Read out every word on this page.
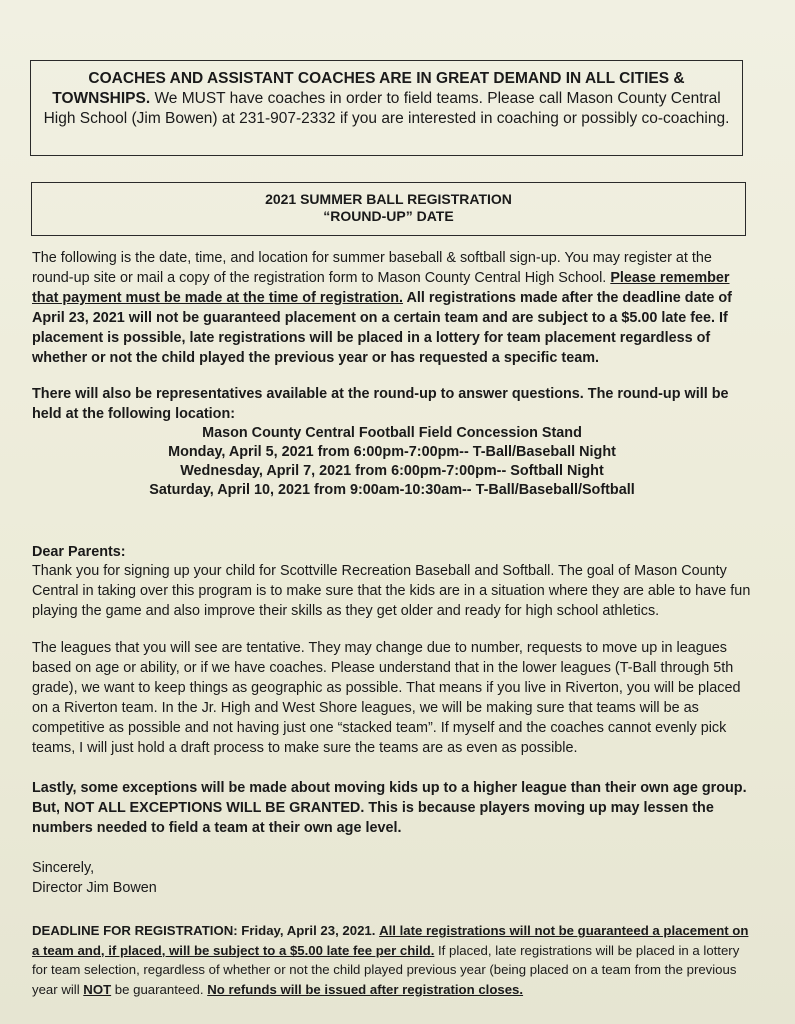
COACHES AND ASSISTANT COACHES ARE IN GREAT DEMAND IN ALL CITIES & TOWNSHIPS. We MUST have coaches in order to field teams. Please call Mason County Central High School (Jim Bowen) at 231-907-2332 if you are interested in coaching or possibly co-coaching.
2021 SUMMER BALL REGISTRATION
“ROUND-UP” DATE
The following is the date, time, and location for summer baseball & softball sign-up. You may register at the round-up site or mail a copy of the registration form to Mason County Central High School. Please remember that payment must be made at the time of registration. All registrations made after the deadline date of April 23, 2021 will not be guaranteed placement on a certain team and are subject to a $5.00 late fee. If placement is possible, late registrations will be placed in a lottery for team placement regardless of whether or not the child played the previous year or has requested a specific team.
There will also be representatives available at the round-up to answer questions. The round-up will be held at the following location:
Mason County Central Football Field Concession Stand
Monday, April 5, 2021 from 6:00pm-7:00pm-- T-Ball/Baseball Night
Wednesday, April 7, 2021 from 6:00pm-7:00pm-- Softball Night
Saturday, April 10, 2021 from 9:00am-10:30am-- T-Ball/Baseball/Softball
Dear Parents:
Thank you for signing up your child for Scottville Recreation Baseball and Softball. The goal of Mason County Central in taking over this program is to make sure that the kids are in a situation where they are able to have fun playing the game and also improve their skills as they get older and ready for high school athletics.
The leagues that you will see are tentative. They may change due to number, requests to move up in leagues based on age or ability, or if we have coaches. Please understand that in the lower leagues (T-Ball through 5th grade), we want to keep things as geographic as possible. That means if you live in Riverton, you will be placed on a Riverton team. In the Jr. High and West Shore leagues, we will be making sure that teams will be as competitive as possible and not having just one “stacked team”. If myself and the coaches cannot evenly pick teams, I will just hold a draft process to make sure the teams are as even as possible.
Lastly, some exceptions will be made about moving kids up to a higher league than their own age group. But, NOT ALL EXCEPTIONS WILL BE GRANTED. This is because players moving up may lessen the numbers needed to field a team at their own age level.
Sincerely,
Director Jim Bowen
DEADLINE FOR REGISTRATION: Friday, April 23, 2021. All late registrations will not be guaranteed a placement on a team and, if placed, will be subject to a $5.00 late fee per child. If placed, late registrations will be placed in a lottery for team selection, regardless of whether or not the child played previous year (being placed on a team from the previous year will NOT be guaranteed. No refunds will be issued after registration closes.
